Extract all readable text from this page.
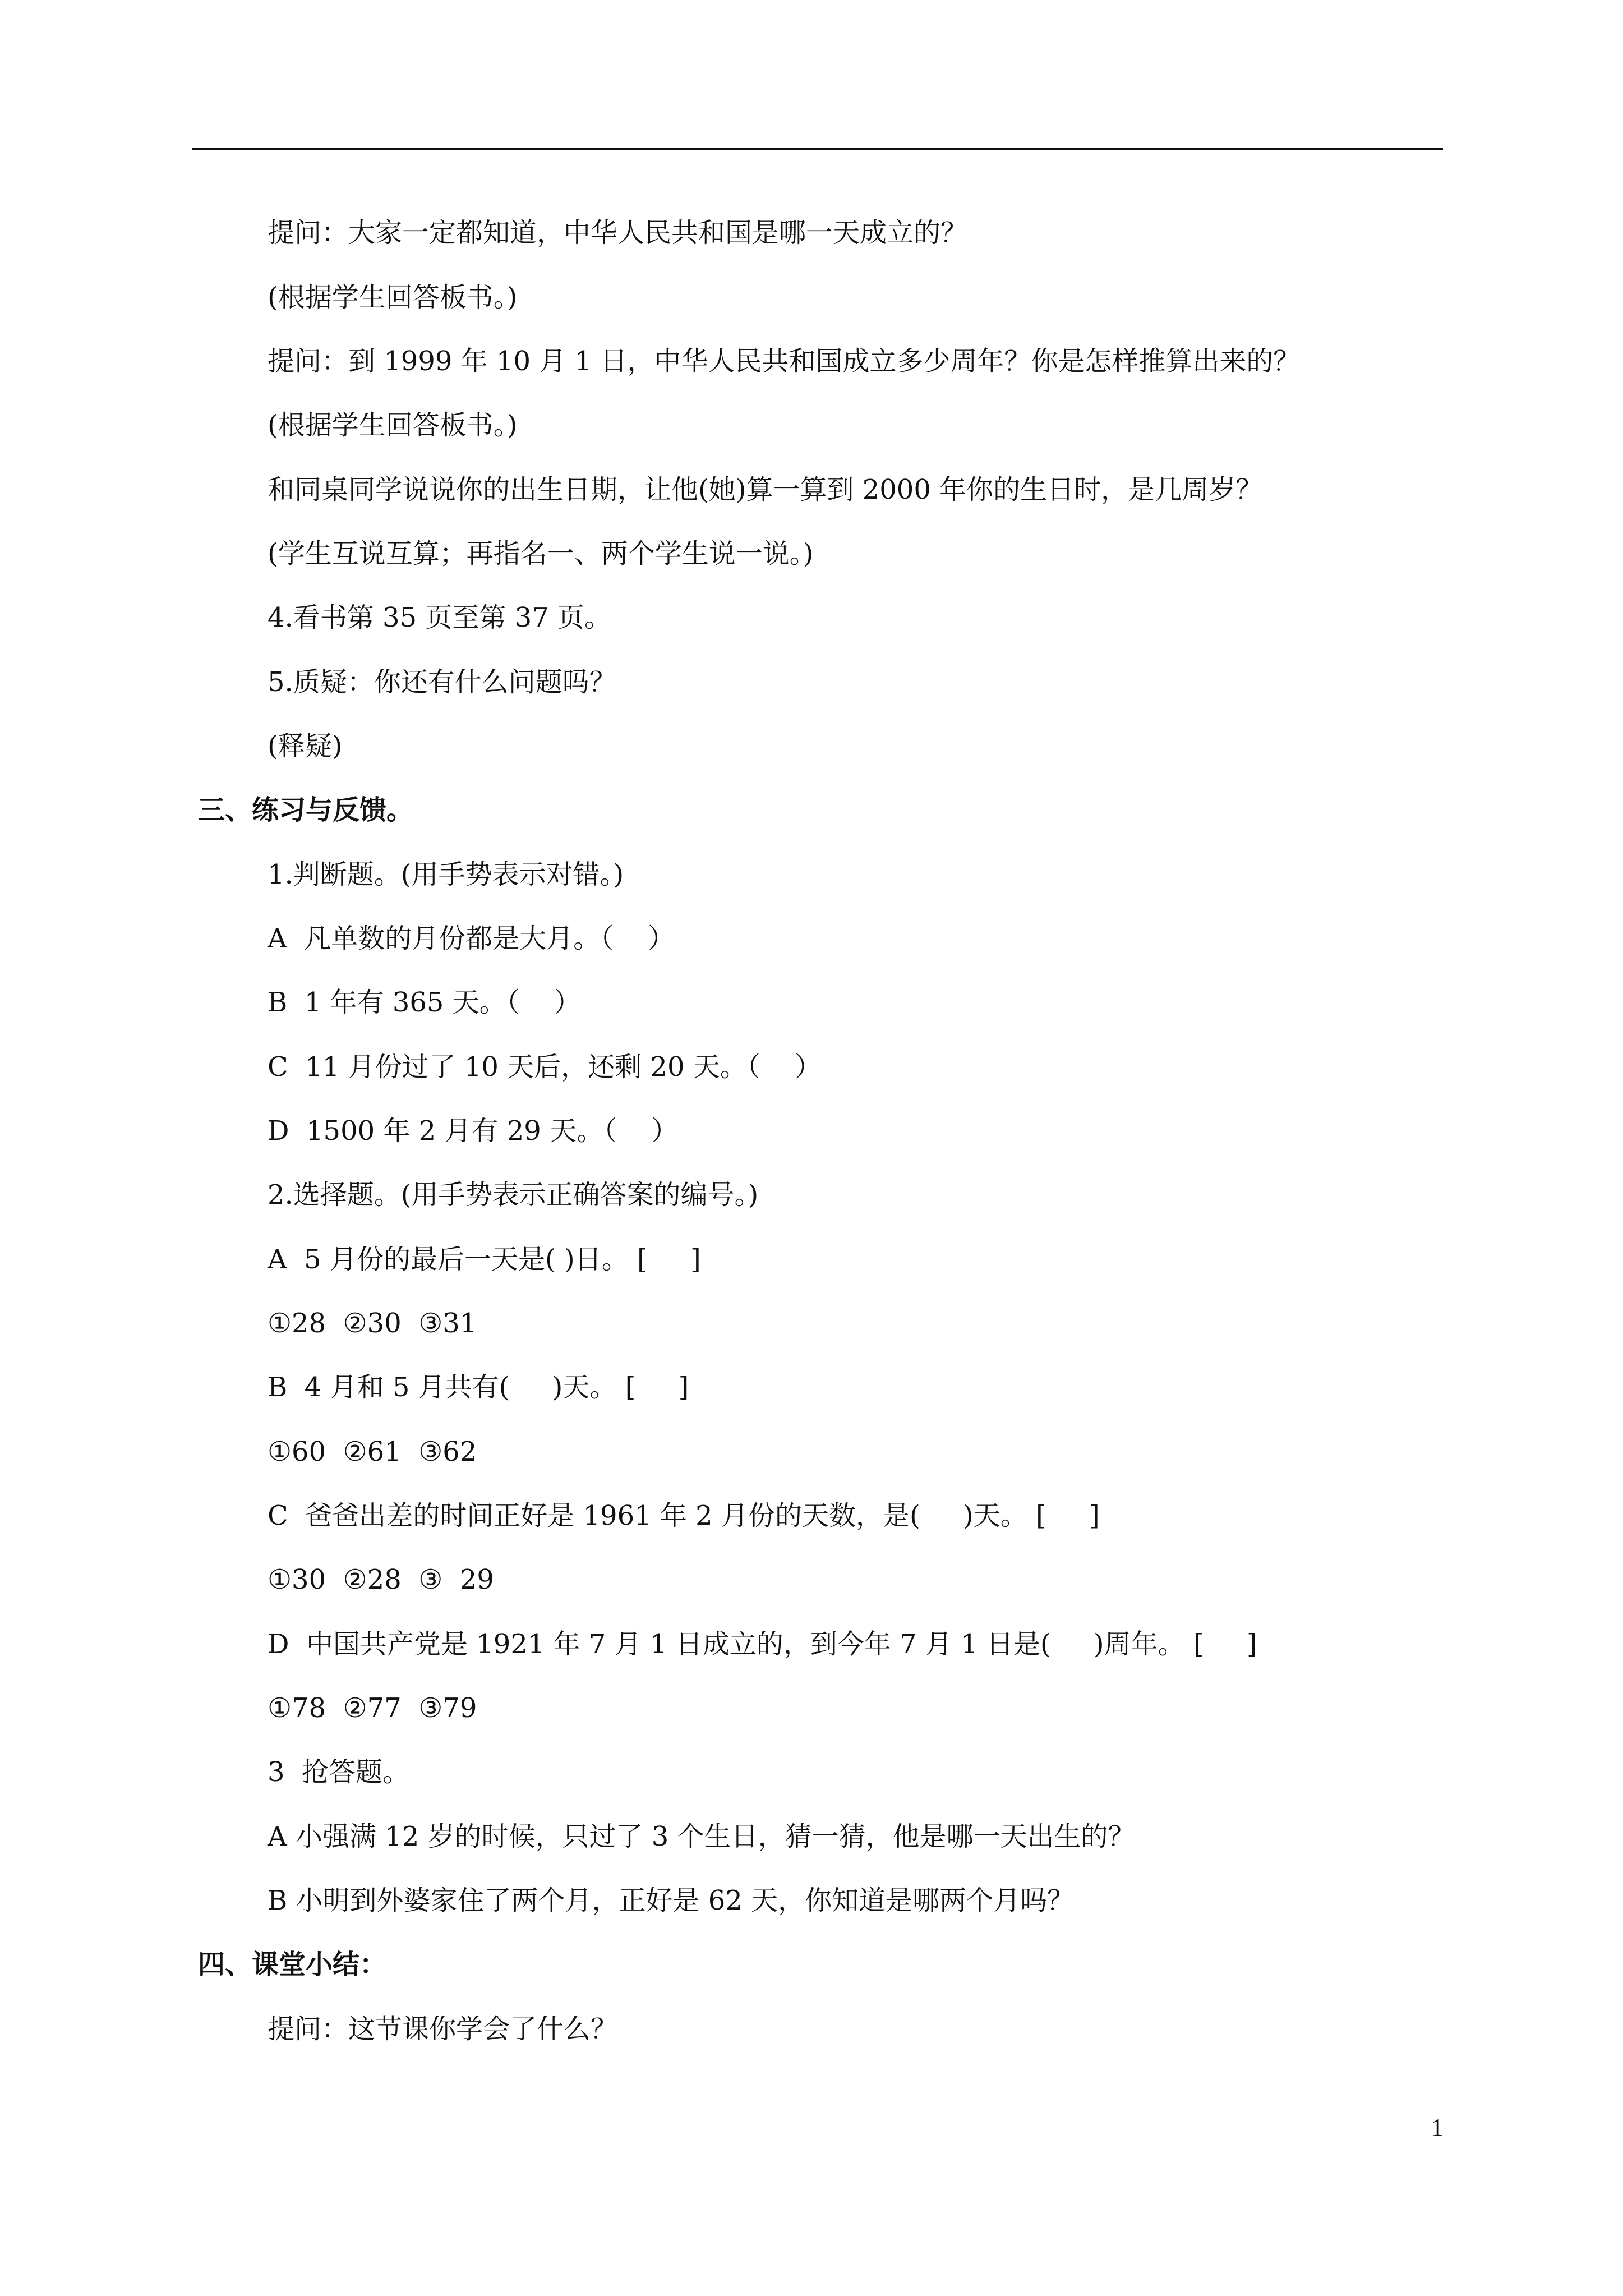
提问：大家一定都知道，中华人民共和国是哪一天成立的？
(根据学生回答板书。)
提问：到 1999 年 10 月 1 日，中华人民共和国成立多少周年？你是怎样推算出来的？
(根据学生回答板书。)
和同桌同学说说你的出生日期，让他(她)算一算到 2000 年你的生日时，是几周岁？
(学生互说互算；再指名一、两个学生说一说。)
4.看书第 35 页至第 37 页。
5.质疑：你还有什么问题吗？
(释疑)
三、练习与反馈。
1.判断题。(用手势表示对错。)
A  凡单数的月份都是大月。（    ）
B  1 年有 365 天。（    ）
C  11 月份过了 10 天后，还剩 20 天。（    ）
D  1500 年 2 月有 29 天。（    ）
2.选择题。(用手势表示正确答案的编号。)
A  5 月份的最后一天是( )日。 [     ]
①28  ②30  ③31
B  4 月和 5 月共有(     )天。 [     ]
①60  ②61  ③62
C  爸爸出差的时间正好是 1961 年 2 月份的天数，是(     )天。 [     ]
①30  ②28  ③  29
D  中国共产党是 1921 年 7 月 1 日成立的，到今年 7 月 1 日是(     )周年。 [     ]
①78  ②77  ③79
3  抢答题。
A 小强满 12 岁的时候，只过了 3 个生日，猜一猜，他是哪一天出生的？
B 小明到外婆家住了两个月，正好是 62 天，你知道是哪两个月吗？
四、课堂小结：
提问：这节课你学会了什么？
1
